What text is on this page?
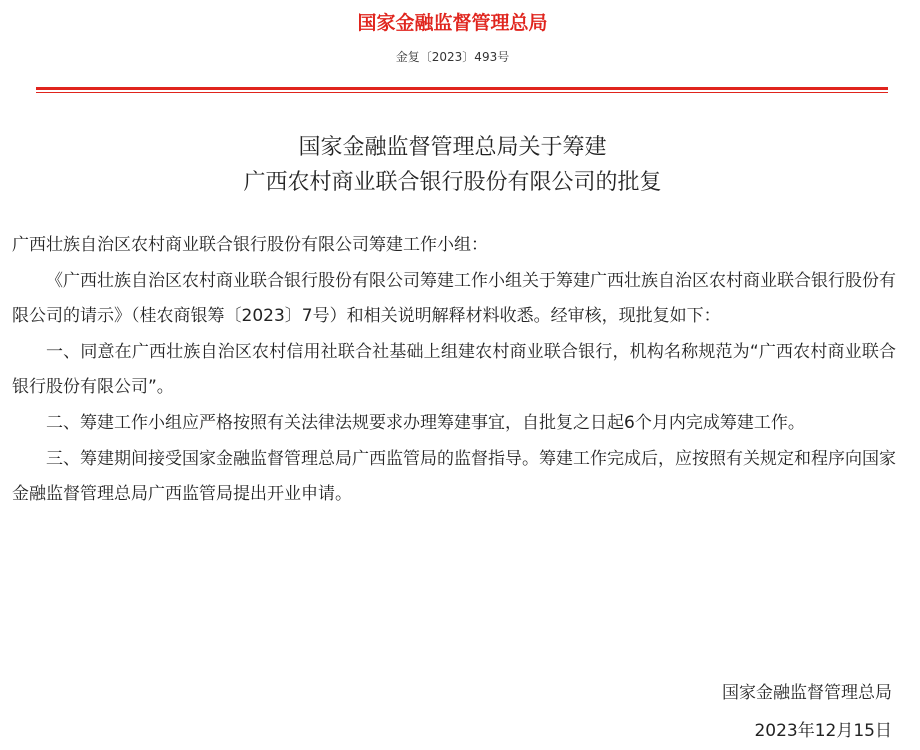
国家金融监督管理总局
金复〔2023〕493号
国家金融监督管理总局关于筹建
广西农村商业联合银行股份有限公司的批复

广西壮族自治区农村商业联合银行股份有限公司筹建工作小组：

《广西壮族自治区农村商业联合银行股份有限公司筹建工作小组关于筹建广西壮族自治区农村商业联合银行股份有限公司的请示》（桂农商银筹〔2023〕7号）和相关说明解释材料收悉。经审核，现批复如下：

一、同意在广西壮族自治区农村信用社联合社基础上组建农村商业联合银行，机构名称规范为“广西农村商业联合银行股份有限公司”。

二、筹建工作小组应严格按照有关法律法规要求办理筹建事宜，自批复之日起6个月内完成筹建工作。

三、筹建期间接受国家金融监督管理总局广西监管局的监督指导。筹建工作完成后，应按照有关规定和程序向国家金融监督管理总局广西监管局提出开业申请。

国家金融监督管理总局
2023年12月15日
